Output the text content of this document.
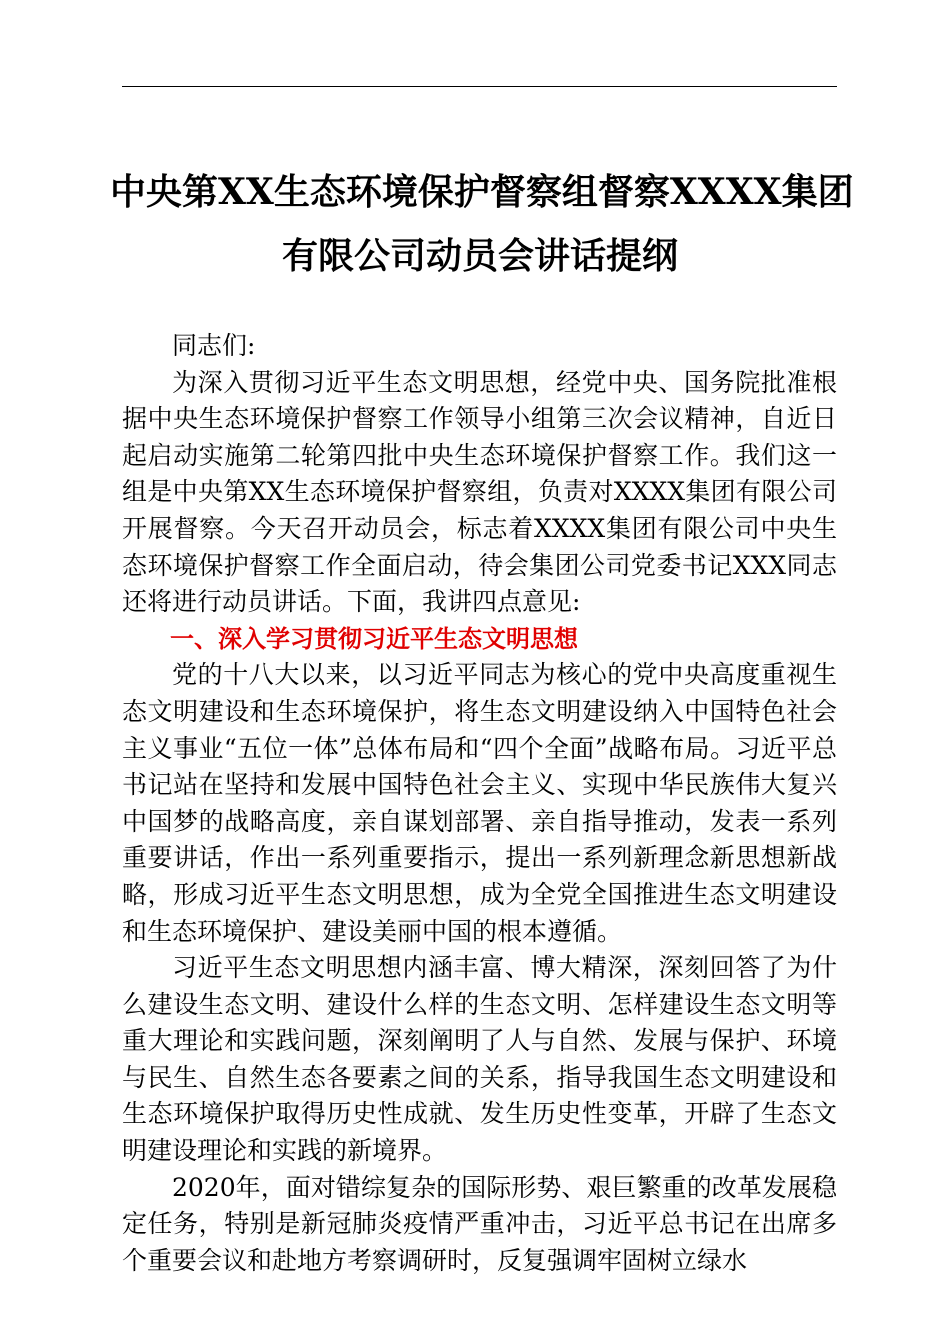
中央第XX生态环境保护督察组督察XXXX集团
有限公司动员会讲话提纲

同志们:

为深入贯彻习近平生态文明思想，经党中央、国务院批准根据中央生态环境保护督察工作领导小组第三次会议精神，自近日起启动实施第二轮第四批中央生态环境保护督察工作。我们这一组是中央第XX生态环境保护督察组，负责对XXXX集团有限公司开展督察。今天召开动员会，标志着XXXX集团有限公司中央生态环境保护督察工作全面启动，待会集团公司党委书记XXX同志还将进行动员讲话。下面，我讲四点意见:

一、深入学习贯彻习近平生态文明思想

党的十八大以来，以习近平同志为核心的党中央高度重视生态文明建设和生态环境保护，将生态文明建设纳入中国特色社会主义事业“五位一体”总体布局和“四个全面”战略布局。习近平总书记站在坚持和发展中国特色社会主义、实现中华民族伟大复兴中国梦的战略高度，亲自谋划部署、亲自指导推动，发表一系列重要讲话，作出一系列重要指示，提出一系列新理念新思想新战略，形成习近平生态文明思想，成为全党全国推进生态文明建设和生态环境保护、建设美丽中国的根本遵循。

习近平生态文明思想内涵丰富、博大精深，深刻回答了为什么建设生态文明、建设什么样的生态文明、怎样建设生态文明等重大理论和实践问题，深刻阐明了人与自然、发展与保护、环境与民生、自然生态各要素之间的关系，指导我国生态文明建设和生态环境保护取得历史性成就、发生历史性变革，开辟了生态文明建设理论和实践的新境界。

2020年，面对错综复杂的国际形势、艰巨繁重的改革发展稳定任务，特别是新冠肺炎疫情严重冲击，习近平总书记在出席多个重要会议和赴地方考察调研时，反复强调牢固树立绿水
